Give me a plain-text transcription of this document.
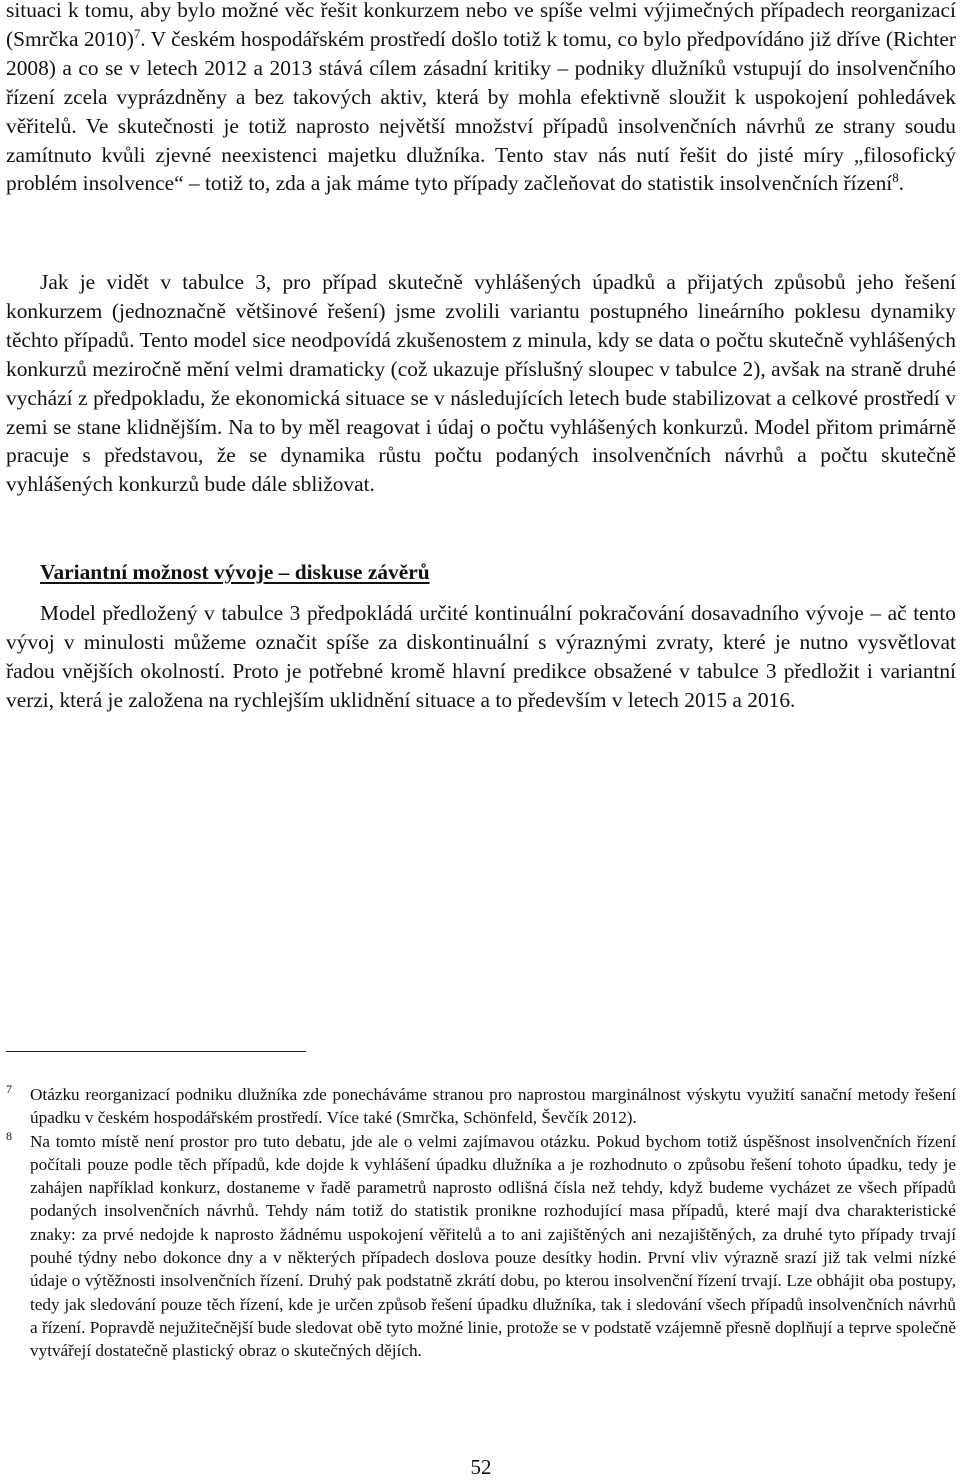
situaci k tomu, aby bylo možné věc řešit konkurzem nebo ve spíše velmi výjimečných případech reorganizací (Smrčka 2010)$^7$. V českém hospodářském prostředí došlo totiž k tomu, co bylo předpovídáno již dříve (Richter 2008) a co se v letech 2012 a 2013 stává cílem zásadní kritiky – podniky dlužníků vstupují do insolvenčního řízení zcela vyprázdněny a bez takových aktiv, která by mohla efektivně sloužit k uspokojení pohledávek věřitelů. Ve skutečnosti je totiž naprosto největší množství případů insolvenčních návrhů ze strany soudu zamítnuto kvůli zjevné neexistenci majetku dlužníka. Tento stav nás nutí řešit do jisté míry „filosofický problém insolvence“ – totiž to, zda a jak máme tyto případy začleňovat do statistik insolvenčních řízení$^8$.

Jak je vidět v tabulce 3, pro případ skutečně vyhlášených úpadků a přijatých způsobů jeho řešení konkurzem (jednoznačně většinové řešení) jsme zvolili variantu postupného lineárního poklesu dynamiky těchto případů. Tento model sice neodpovídá zkušenostem z minula, kdy se data o počtu skutečně vyhlášených konkurzů meziročně mění velmi dramaticky (což ukazuje příslušný sloupec v tabulce 2), avšak na straně druhé vychází z předpokladu, že ekonomická situace se v následujících letech bude stabilizovat a celkové prostředí v zemi se stane klidnějším. Na to by měl reagovat i údaj o počtu vyhlášených konkurzů. Model přitom primárně pracuje s představou, že se dynamika růstu počtu podaných insolvenčních návrhů a počtu skutečně vyhlášených konkurzů bude dále sbližovat.

Variantní možnost vývoje – diskuse závěrů

Model předložený v tabulce 3 předpokládá určité kontinuální pokračování dosavadního vývoje – ač tento vývoj v minulosti můžeme označit spíše za diskontinuální s výraznými zvraty, které je nutno vysvětlovat řadou vnějších okolností. Proto je potřebné kromě hlavní predikce obsažené v tabulce 3 předložit i variantní verzi, která je založena na rychlejším uklidnění situace a to především v letech 2015 a 2016.

7 Otázku reorganizací podniku dlužníka zde ponecháváme stranou pro naprostou marginálnost výskytu využití sanační metody řešení úpadku v českém hospodářském prostředí. Více také (Smrčka, Schönfeld, Ševčík 2012).

8 Na tomto místě není prostor pro tuto debatu, jde ale o velmi zajímavou otázku. Pokud bychom totiž úspěšnost insolvenčních řízení počítali pouze podle těch případů, kde dojde k vyhlášení úpadku dlužníka a je rozhodnuto o způsobu řešení tohoto úpadku, tedy je zahájen například konkurz, dostaneme v řadě parametrů naprosto odlišná čísla než tehdy, když budeme vycházet ze všech případů podaných insolvenčních návrhů. Tehdy nám totiž do statistik pronikne rozhodující masa případů, které mají dva charakteristické znaky: za prvé nedojde k naprosto žádnému uspokojení věřitelů a to ani zajištěných ani nezajištěných, za druhé tyto případy trvají pouhé týdny nebo dokonce dny a v některých případech doslova pouze desítky hodin. První vliv výrazně srazí již tak velmi nízké údaje o výtěžnosti insolvenčních řízení. Druhý pak podstatně zkrátí dobu, po kterou insolvenční řízení trvají. Lze obhájit oba postupy, tedy jak sledování pouze těch řízení, kde je určen způsob řešení úpadku dlužníka, tak i sledování všech případů insolvenčních návrhů a řízení. Popravdě nejužitečnější bude sledovat obě tyto možné linie, protože se v podstatě vzájemně přesně doplňují a teprve společně vytvářejí dostatečně plastický obraz o skutečných dějích.

52
